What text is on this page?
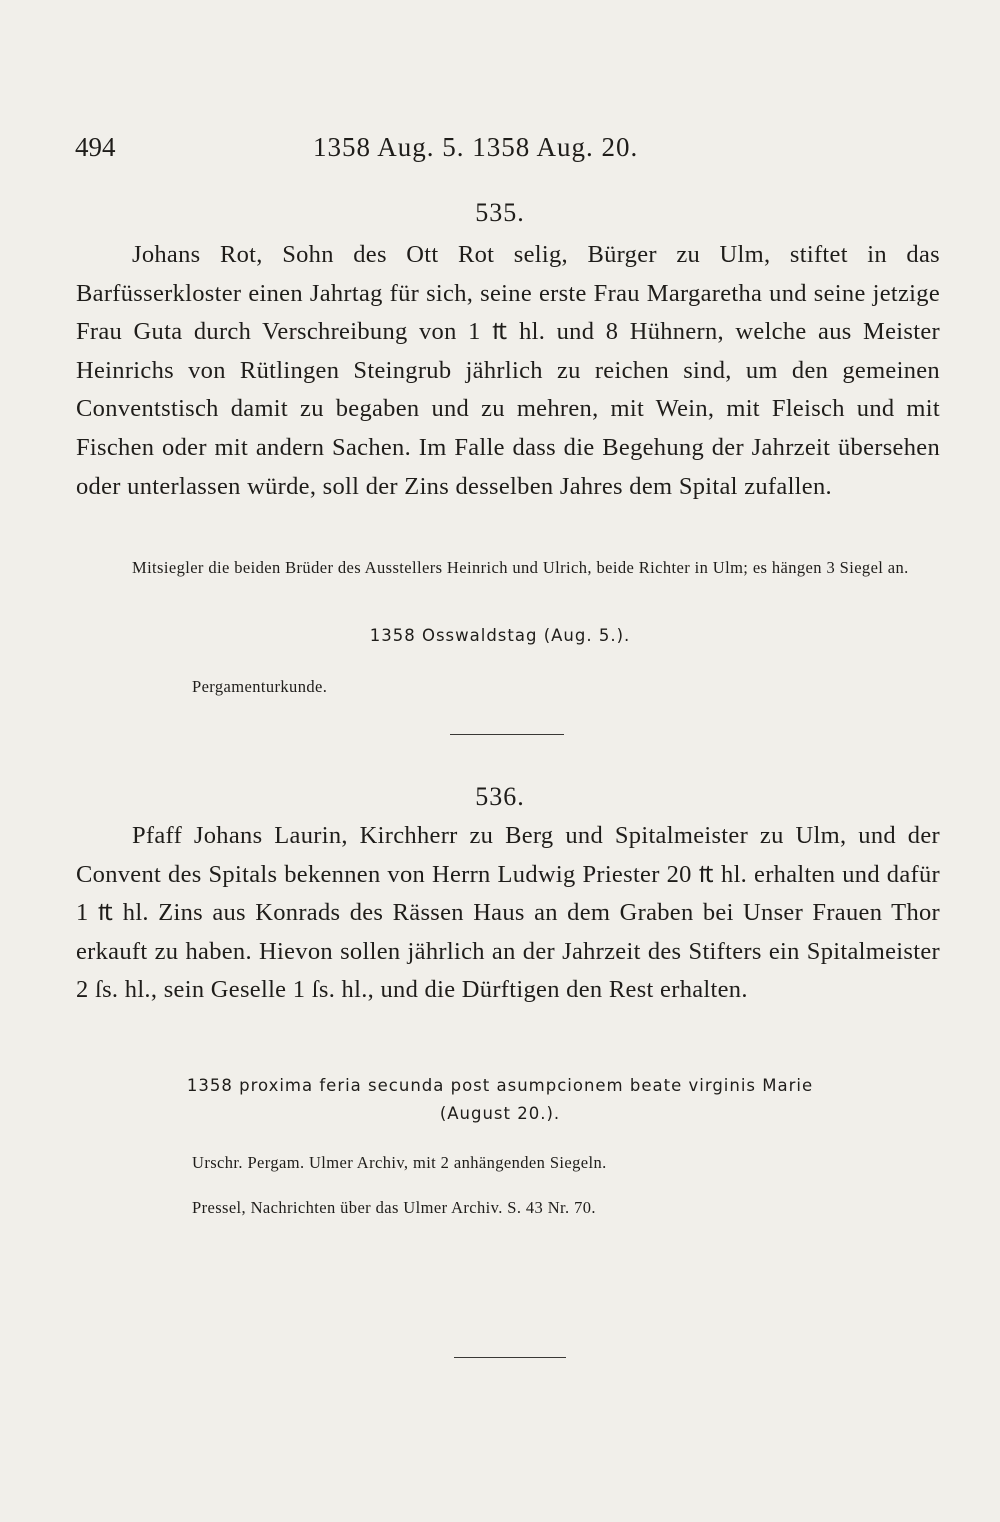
494	1358 Aug. 5. 1358 Aug. 20.
535.

Johans Rot, Sohn des Ott Rot selig, Bürger zu Ulm, stiftet in das Barfüsserkloster einen Jahrtag für sich, seine erste Frau Margaretha und seine jetzige Frau Guta durch Verschreibung von 1 ₶ hl. und 8 Hühnern, welche aus Meister Heinrichs von Rütlingen Steingrub jährlich zu reichen sind, um den gemeinen Conventstisch damit zu begaben und zu mehren, mit Wein, mit Fleisch und mit Fischen oder mit andern Sachen. Im Falle dass die Begehung der Jahrzeit übersehen oder unterlassen würde, soll der Zins desselben Jahres dem Spital zufallen.

Mitsiegler die beiden Brüder des Ausstellers Heinrich und Ulrich, beide Richter in Ulm; es hängen 3 Siegel an.

1358 Osswaldstag (Aug. 5.).

Pergamenturkunde.

536.

Pfaff Johans Laurin, Kirchherr zu Berg und Spitalmeister zu Ulm, und der Convent des Spitals bekennen von Herrn Ludwig Priester 20 ₶ hl. erhalten und dafür 1 ₶ hl. Zins aus Konrads des Rässen Haus an dem Graben bei Unser Frauen Thor erkauft zu haben. Hievon sollen jährlich an der Jahrzeit des Stifters ein Spitalmeister 2 ſs. hl., sein Geselle 1 ſs. hl., und die Dürftigen den Rest erhalten.

1358 proxima feria secunda post asumpcionem beate virginis Marie

(August 20.).

Urschr. Pergam. Ulmer Archiv, mit 2 anhängenden Siegeln.

Pressel, Nachrichten über das Ulmer Archiv. S. 43 Nr. 70.
